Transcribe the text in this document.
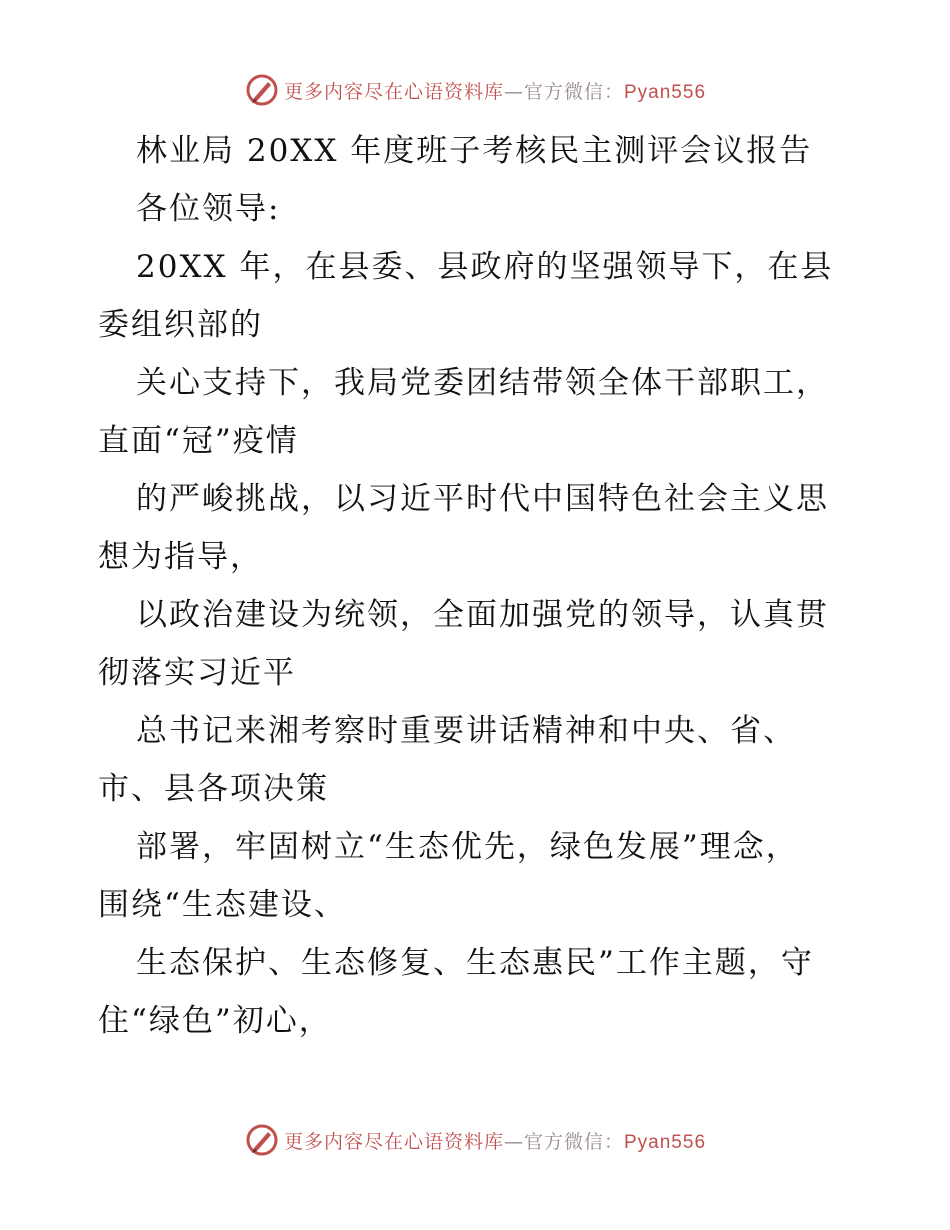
更多内容尽在心语资料库—官方微信：Pyan556
林业局 20XX 年度班子考核民主测评会议报告
各位领导:
20XX 年，在县委、县政府的坚强领导下，在县
委组织部的
关心支持下，我局党委团结带领全体干部职工，
直面“冠”疫情
的严峻挑战，以习近平时代中国特色社会主义思
想为指导，
以政治建设为统领，全面加强党的领导，认真贯
彻落实习近平
总书记来湘考察时重要讲话精神和中央、省、
市、县各项决策
部署，牢固树立“生态优先，绿色发展”理念，
围绕“生态建设、
生态保护、生态修复、生态惠民”工作主题，守
住“绿色”初心，
更多内容尽在心语资料库—官方微信：Pyan556
